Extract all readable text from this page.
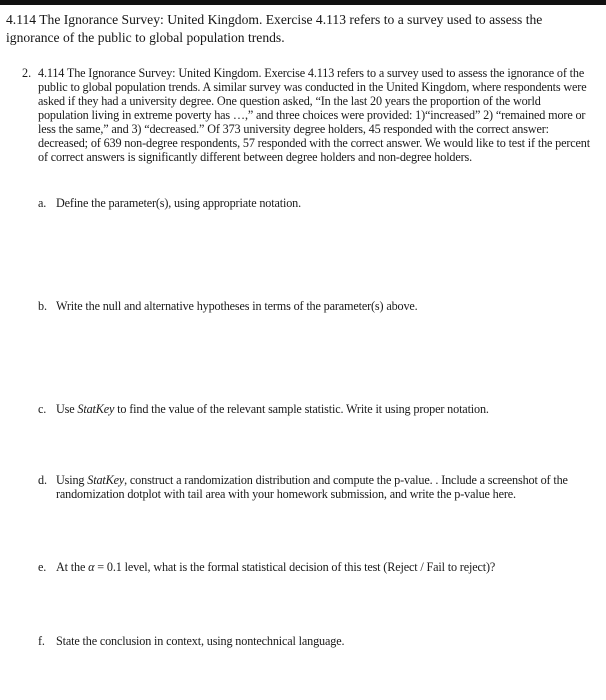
4.114 The Ignorance Survey: United Kingdom. Exercise 4.113 refers to a survey used to assess the ignorance of the public to global population trends.
2. 4.114 The Ignorance Survey: United Kingdom. Exercise 4.113 refers to a survey used to assess the ignorance of the public to global population trends. A similar survey was conducted in the United Kingdom, where respondents were asked if they had a university degree. One question asked, “In the last 20 years the proportion of the world population living in extreme poverty has …,” and three choices were provided: 1)“increased” 2) “remained more or less the same,” and 3) “decreased.” Of 373 university degree holders, 45 responded with the correct answer: decreased; of 639 non-degree respondents, 57 responded with the correct answer. We would like to test if the percent of correct answers is significantly different between degree holders and non-degree holders.
a. Define the parameter(s), using appropriate notation.
b. Write the null and alternative hypotheses in terms of the parameter(s) above.
c. Use StatKey to find the value of the relevant sample statistic. Write it using proper notation.
d. Using StatKey, construct a randomization distribution and compute the p-value. . Include a screenshot of the randomization dotplot with tail area with your homework submission, and write the p-value here.
e. At the α = 0.1 level, what is the formal statistical decision of this test (Reject / Fail to reject)?
f. State the conclusion in context, using nontechnical language.
